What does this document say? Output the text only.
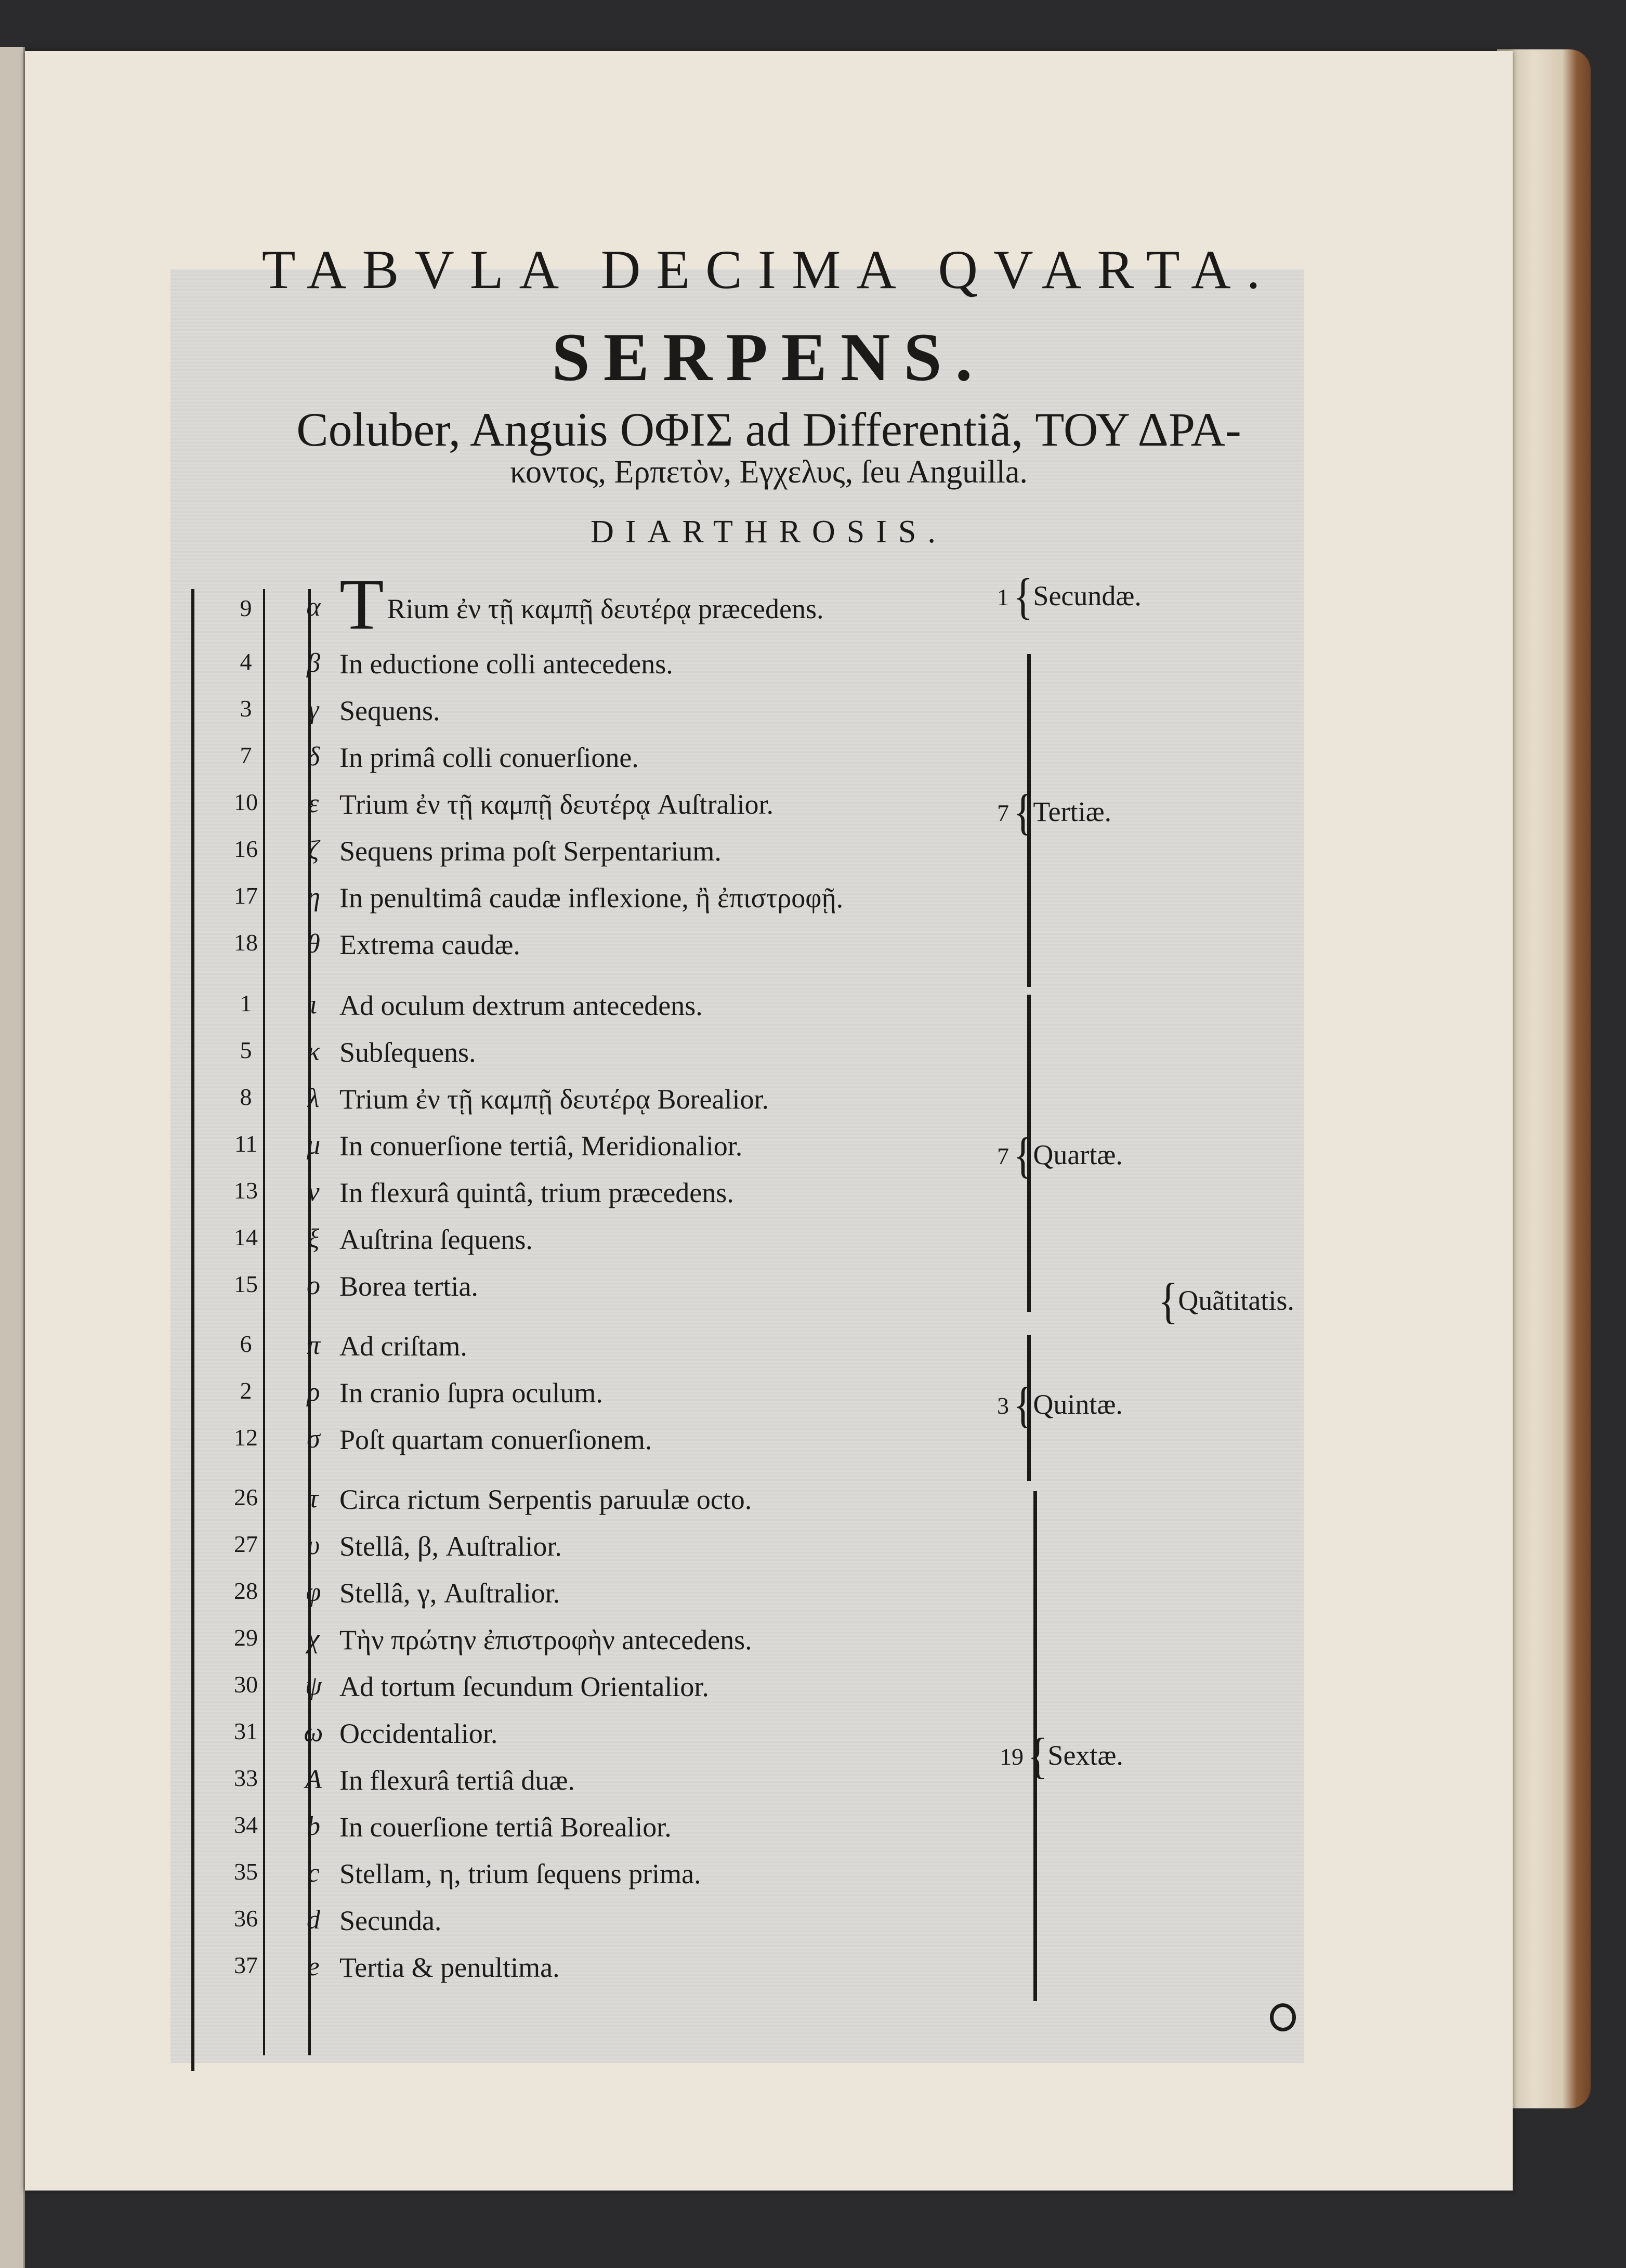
TABVLA DECIMA QVARTA.
SERPENS.
Coluber, Anguis ΟΦΙΣ ad Differentiã, ΤΟΥ ΔΡΑ-
κοντος, Ερπετὸν, Εγχελυς, ſeu Anguilla.
DIARTHROSIS.
9	α T Rium ἐν τῇ καμπῇ δευτέρᾳ præcedens.
4	β In eductione colli antecedens.
3	γ Sequens.
7	δ In primâ colli conuerſione.
10	ε Trium ἐν τῇ καμπῇ δευτέρᾳ Auſtralior.
16	ζ Sequens prima poſt Serpentarium.
17	η In penultimâ caudæ inflexione, ἢ ἐπιστροφῇ.
18	θ Extrema caudæ.
1	ι Ad oculum dextrum antecedens.
5	κ Subſequens.
8	λ Trium ἐν τῇ καμπῇ δευτέρᾳ Borealior.
11	μ In conuerſione tertiâ, Meridionalior.
13	ν In flexurâ quintâ, trium præcedens.
14	ξ Auſtrina ſequens.
15	ο Borea tertia.
6	π Ad criſtam.
2	ρ In cranio ſupra oculum.
12	σ Poſt quartam conuerſionem.
26	τ Circa rictum Serpentis paruulæ octo.
27	υ Stellâ, β, Auſtralior.
28	φ Stellâ, γ, Auſtralior.
29	χ Τὴν πρώτην ἐπιστροφὴν antecedens.
30	ψ Ad tortum ſecundum Orientalior.
31	ω Occidentalior.
33	A In flexurâ tertiâ duæ.
34	b In couerſione tertiâ Borealior.
35	c Stellam, η, trium ſequens prima.
36	d Secunda.
37	e Tertia & penultima.
1 {Secundæ.
7 {Tertiæ.
7 {Quartæ.
3 {Quintæ.
19 {Sextæ.
{Quãtitatis.
